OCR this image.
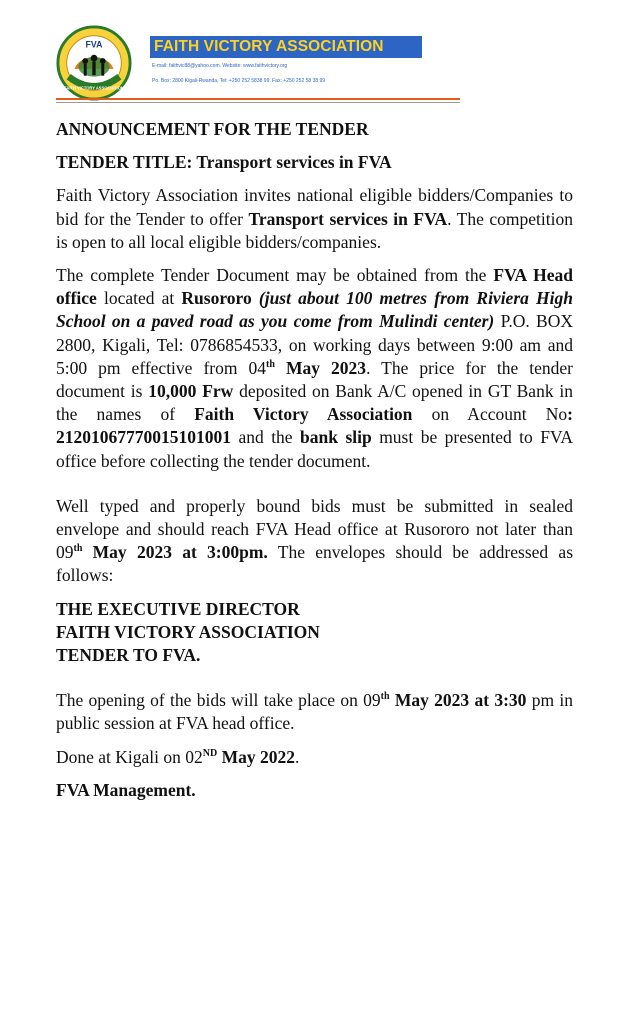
FVA
FAITH VICTORY ASSOCIATION
FAITH VICTORY ASSOCIATION
E-mail: faithvic88@yahoo.com. Website: www.faithvictory.org
Po. Box: 2800 Kigali-Rwanda, Tel: +250 252 5838 99. Fax: +250 252 58 38 99

ANNOUNCEMENT FOR THE TENDER

TENDER TITLE: Transport services in FVA

Faith Victory Association invites national eligible bidders/Companies to bid for the Tender to offer Transport services in FVA. The competition is open to all local eligible bidders/companies.

The complete Tender Document may be obtained from the FVA Head office located at Rusororo (just about 100 metres from Riviera High School on a paved road as you come from Mulindi center) P.O. BOX 2800, Kigali, Tel: 0786854533, on working days between 9:00 am and 5:00 pm effective from 04th May 2023. The price for the tender document is 10,000 Frw deposited on Bank A/C opened in GT Bank in the names of Faith Victory Association on Account No: 21201067770015101001 and the bank slip must be presented to FVA office before collecting the tender document.

Well typed and properly bound bids must be submitted in sealed envelope and should reach FVA Head office at Rusororo not later than 09th May 2023 at 3:00pm. The envelopes should be addressed as follows:

THE EXECUTIVE DIRECTOR

FAITH VICTORY ASSOCIATION

TENDER TO FVA.

The opening of the bids will take place on 09th May 2023 at 3:30 pm in public session at FVA head office.

Done at Kigali on 02ND May 2022.

FVA Management.
